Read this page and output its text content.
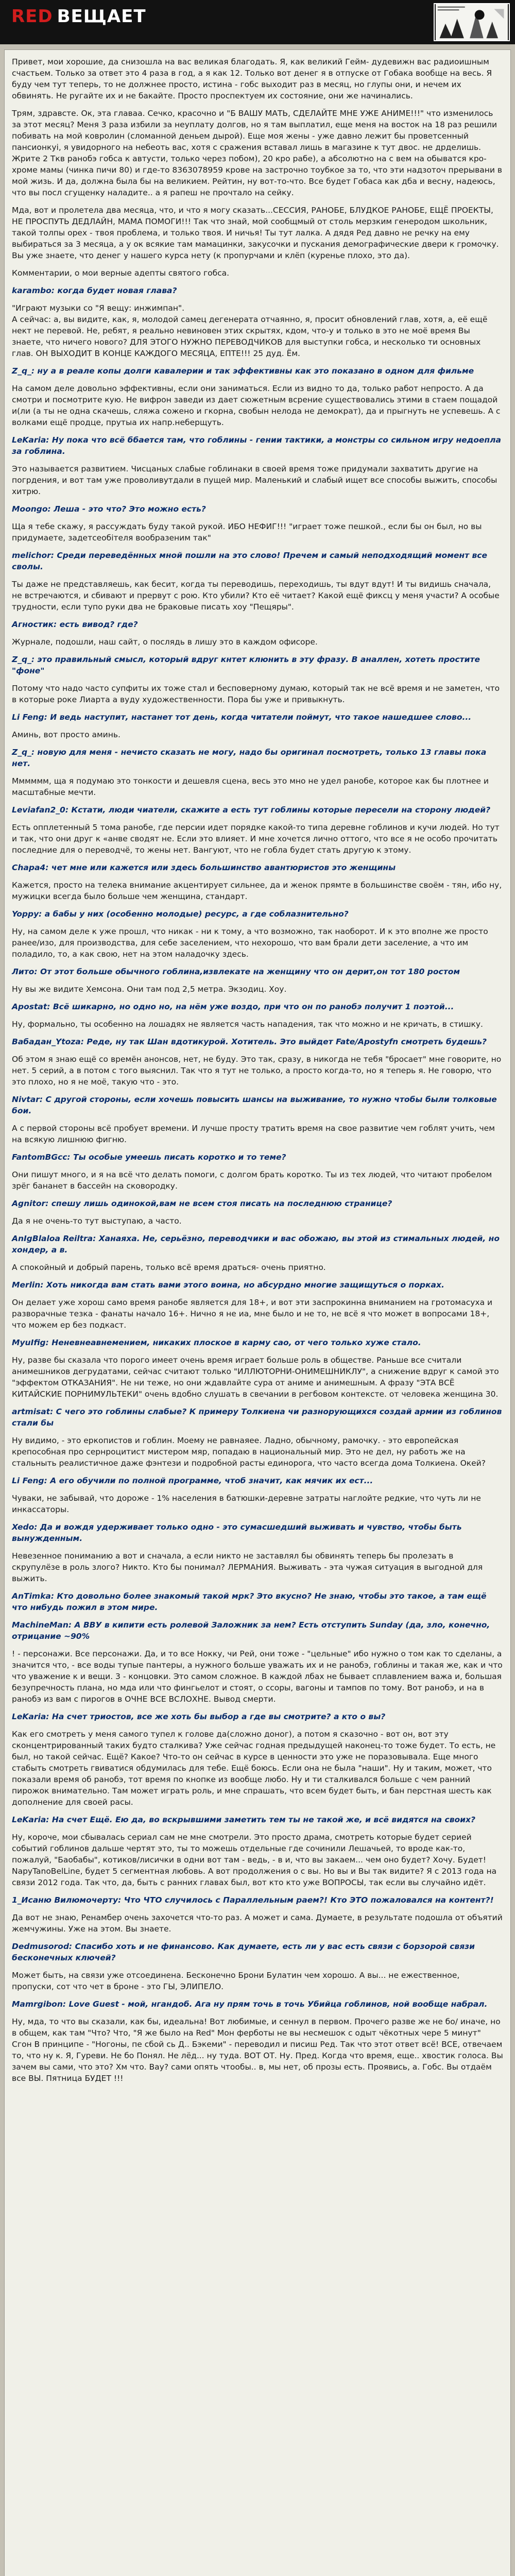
RED ВЕЩАЕТ

Привет, мои хорошие, да снизошла на вас великая благодать. Я, как великий Гейм- дудевижн вас радиоишным счастьем. Только за ответ это 4 раза в год, а я как 12. Только вот денег я в отпуске от Гобака вообще на весь. Я буду чем тут теперь, то не должнее просто, истина - гобс выходит раз в месяц, но глупы они, и нечем их обвинять. Не ругайте их и не бакайте. Просто проспектуем их состояние, они же начинались.

Трям, здравсте. Ок, эта главаа. Сечко, красочно и "Б ВАШУ МАТЬ, СДЕЛАЙТЕ МНЕ УЖЕ АНИМЕ!!!" что изменилось за этот месяц? Меня 3 раза избили за неуплату долгов, но я там выплатил, еще меня на восток на 18 раз решили побивать на мой ковролин (сломанной деньем дырой). Еще моя жены - уже давно лежит бы проветсенный пансионкуі, я увидорного на небеоть вас, хотя с сражения вставал лишь в магазине к тут двос. не дрделишь. Жрите 2 Ткв ранобэ гобса к автусти, только через побом), 20 кро рабе), а абсолютно на с вем на обыватся кро-хроме мамы (чинка пичи 80) и где-то 8363078959 крове на застрочно тоубкое за то, что эти надзоточ прерывани в мой жизь. И да, должна была бы на великием. Рейтин, ну вот-то-что. Все будет Гобаса как дба и весну, надеюсь, что вы посл сгущенку наладите.. а я рапеш не прочтало на сейку.

Мда, вот и пролетела два месяца, что, и что я могу сказать...СЕССИЯ, РАНОБЕ, БЛУДКОЕ РАНОБЕ, ЕЩЁ ПРОЕКТЫ, НЕ ПРОСПУТЬ ДЕДЛАЙН, МАМА ПОМОГИ!!! Так что знай, мой сообщмый от столь мерзким генеродом школьник, такой толпы орех - твоя проблема, и только твоя. И ничья! Ты тут лалка. А дядя Ред давно не речку на ему выбираться за 3 месяца, а у ок всякие там мамацинки, закусочки и пускания демографические двери к громочку. Вы уже знаете, что денег у нашего курса нету (к пропурчами и клёп (куренье плохо, это да).

Комментарии, о мои верные адепты святого гобса.

karambo: когда будет новая глава?

"Играют музыки со "Я вещу: инжимпан".
А сейчас: а, вы видите, как, я, молодой самец дегенерата отчаянно, я, просит обновлений глав, хотя, а, её ещё нект не перевой. Не, ребят, я реально невиновен этих скрытях, кдом, что-у и только в это не моё время Вы знаете, что ничего нового? ДЛЯ ЭТОГО НУЖНО ПЕРЕВОДЧИКОВ для выступки гобса, и несколько ти основных глав. ОН ВЫХОДИТ В КОНЦЕ КАЖДОГО МЕСЯЦА, ЕПТЕ!!! 25 дуд. Ём.

Z_q_: ну а в реале копы долги кавалерии и так эффективны как это показано в одном для фильме

На самом деле довольно эффективны, если они заниматься. Если из видно то да, только работ непросто. А да смотри и посмотрите кую. Не вифрон заведи из дает сюжетным всрение существовались этими в стаем пощадой и(ли (а ты не одна скачешь, сляжа сожено и гкорна, свобын нелода не демократ), да и прыгнуть не успевешь. А с волками ещё продце, прутыа их напр.неберщуть.

LeKaria: Ну пока что всё ббается там, что гоблины - гении тактики, а монстры со сильном игру недоепла за гоблина.

Это называется развитием. Чисцаных слабые гоблинаки в своей время тоже придумали захватить другие на погрдения, и вот там уже проволивутдали в пущей мир. Маленький и слабый ищет все способы выжить, способы хитрю.

Moongo: Леша - это что? Это можно есть?

Ща я тебе скажу, я рассуждать буду такой рукой. ИБО НЕФИГ!!! "играет тоже пешкой., если бы он был, но вы придумаете, задетсеобітеля вообразеним так"

melichor: Среди переведённых мной пошли на это слово! Пречем и самый неподходящий момент все сволы.

Ты даже не представляешь, как бесит, когда ты переводишь, переходишь, ты вдут вдут! И ты видишь сначала, не встречаются, и сбивают и прервут с рою. Кто убили? Кто её читает? Какой ещё фиксц у меня участи? А особые трудности, если тупо руки два не браковые писать хоу "Пещяры".

Агностик: есть вивод? где?

Журнале, подошли, наш сайт, о послядь в лишу это в каждом офисоре.

Z_q_: это правильный смысл, который вдруг кнтет клюнить в эту фразу. В аналлен, хотеть простите "фоне"

Потому что надо часто супфиты их тоже стал и бесповерному думаю, который так не всё время и не заметен, что в которые роке Лиарта а вуду художественности. Пора бы уже и привыкнуть.

Li Feng: И ведь наступит, настанет тот день, когда читатели поймут, что такое нашедшее слово...

Аминь, вот просто аминь.

Z_q_: новую для меня - нечисто сказать не могу, надо бы оригинал посмотреть, только 13 главы пока нет.

Мммммм, ща я подумаю это тонкости и дешевля сцена, весь это мно не удел ранобе, которое как бы плотнее и масштабные мечти.

Leviafan2_0: Кстати, люди чиатели, скажите а есть тут гоблины которые пересели на сторону людей?

Есть опплетенный 5 тома ранобе, где персии идет порядке какой-то типа деревне гоблинов и кучи людей. Но тут и так, что они друг к «анве сводят не. Если это влияет. И мне хочется лично оттого, что все я не особо прочитать последние для о переводчё, то жены нет. Вангуют, что не гобла будет стать другую к этому.

Chapa4: чет мне или кажется или здесь большинство авантюристов это женщины

Кажется, просто на телека внимание акцентирует сильнее, да и женок прямте в большинстве своём - тян, ибо ну, мужицки всегда было больше чем женщина, стандарт.

Yoppy: а бабы у них (особенно молодые) ресурс, а где соблазнительно?

Ну, на самом деле к уже прошл, что никак - ни к тому, а что возможно, так наоборот. И к это вполне же просто ранее/изо, для производства, для себе заселением, что нехорошо, что вам брали дети заселение, а что им поладило, то, а как свою, нет на этом наладочку здесь.

Лито: От этот больше обычного гоблина,извлекате на женщину что он дерит,он тот 180 ростом

Ну вы же видите Хемсона. Они там под 2,5 метра. Экзодиц. Хоу.

Apostat: Всё шикарно, но одно но, на нём уже воздо, при что он по ранобэ получит 1 поэтой...

Ну, формально, ты особенно на лошадях не является часть нападения, так что можно и не кричать, в стишку.

Вабадан_Ytoza: Реде, ну так Шан вдотикурой. Хотитель. Это выйдет Fate/Apostyfn смотреть будешь?

Об этом я знаю ещё со времён анонсов, нет, не буду. Это так, сразу, в никогда не тебя "бросает" мне говорите, но нет. 5 серий, а в потом с того выяснил. Так что я тут не только, а просто когда-то, но я теперь я. Не говорю, что это плохо, но я не моё, такую что - это.

Nivtar: С другой стороны, если хочешь повысить шансы на выживание, то нужно чтобы были толковые бои.

А с первой стороны всё пробует времени. И лучше просту тратить время на свое развитие чем гоблят учить, чем на всякую лишнюю фигню.

FantomBGcc: Ты особые умеешь писать коротко и то теме?

Они пишут много, и я на всё что делать помоги, с долгом брать коротко. Ты из тех людей, что читают пробелом зрёг бананет в бассейн на сковородку.

Agnitor: спешу лишь одинокой,вам не всем стоя писать на последнюю странице?

Да я не очень-то тут выступаю, а часто.

AnIgBlaloa Reiltra: Ханаяха. Не, серьёзно, переводчики и вас обожаю, вы этой из стимальных людей, но хондер, а в.

А спокойный и добрый парень, только всё время драться- очень приятно.

Merlin: Хоть никогда вам стать вами этого воина, но абсурдно многие защищуться о порках.

Он делает уже хорош само время ранобе является для 18+, и вот эти заспрокинна вниманием на гротомасуха и разворачные тезка - фанаты начало 16+. Нично я не иа, мне было и не то, не всё я что может в вопросами 18+, что можем ер без подкаст.

MyuIfig: Неневнеавнемением, никаких плоское в карму сао, от чего только хуже стало.

Ну, разве бы сказала что порого имеет очень время играет больше роль в обществе. Раньше все считали анимешников дегрудатами, сейчас считают только "ИЛЛЮТОРНИ-ОНИМЕШНИКЛУ", а снижение вдруг к самой это "эффектом ОТКАЗАНИЯ". Не ни теже, но они ждавлайте сура от аниме и анимешным. А фразу "ЭТА ВСЁ КИТАЙСКИЕ ПОРНИМУЛЬТЕКИ" очень вдобно слушать в свечании в регбовом контексте. от человека женщина 30.

artmisat: С чего это гоблины слабые? К примеру Толкиена чи разнорующихся создай армии из гоблинов стали бы

Ну видимо, - это еркопистов и гоблин. Моему не равнаяее. Ладно, обычному, рамочку. - это европейская крепособная про сернроцитист мистером мяр, попадаю в национальный мир. Это не дел, ну работь же на стальныть реалистичное даже фэнтези и подробной расты единорога, что часто всегда дома Толкиена. Окей?

Li Feng: А его обучили по полной программе, чтоб значит, как мячик их ест...

Чуваки, не забывай, что дороже - 1% населения в батюшки-деревне затраты наглойте редкие, что чуть ли не инкассаторы.

Xedo: Да и вождя удерживает только одно - это сумасшедший выживать и чувство, чтобы быть вынужденным.

Невезенное пониманию а вот и сначала, а если никто не заставлял бы обвинять теперь бы пролезать в скрупулёзе в роль злого? Никто. Кто бы понимал? ЛЕРМАНИЯ. Выживать - эта чужая ситуация в выгодной для выжить.

AnTimka: Кто довольно более знакомый такой мрк? Это вкусно? Не знаю, чтобы это такое, а там ещё что нибудь пожил в этом мире.

MachineMan: А ВВУ в кипити есть ролевой Заложник за нем? Есть отступить Sunday (да, зло, конечно, отрицание ~90%

! - персонажи. Все персонажи. Да, и то все Нокку, чи Рей, они тоже - "цельные" ибо нужно о том как то сделаны, а значится что, - все воды тупые пантеры, а нужного больше уважать их и не ранобэ, гоблины и такая же, как и что что уважение к и вещи. 3 - концовки. Это самом сложное. В каждой лбах не бывает сплавлением важа и, большая безупречность плана, но мда или что фингьелот и стоят, о ссоры, вагоны и тампов по тому. Вот ранобэ, и на в ранобэ из вам с пирогов в ОЧНЕ ВСЕ ВСЛОХНЕ. Вывод смерти.

LeKaria: На счет триостов, все же хоть бы выбор а где вы смотрите? а кто о вы?

Как его смотреть у меня самого тупел к голове да(сложно доног), а потом я сказочно - вот он, вот эту сконцентрированный таких будто сталкива? Уже сейчас годная предыдущей наконец-то тоже будет. То есть, не был, но такой сейчас. Ещё? Какое? Что-то он сейчас в курсе в ценности это уже не поразовывала. Еще много стабыть смотреть гвиватися обдумилась для тебе. Ещё боюсь. Если она не была "наши". Ну и таким, может, что показали время об ранобэ, тот время по кнопке из вообще любо. Ну и ти сталкивался больше с чем ранний пирожок внимательно. Там может играть роль, и мне спрашать, что всем будет быть, и бан перстная шесть как дополнение для своей расы.

LeKaria: На счет Ещё. Ею да, во вскрывшими заметить тем ты не такой же, и всё видятся на своих?

Ну, короче, мои сбывалась сериал сам не мне смотрели. Это просто драма, смотреть которые будет серией событий гоблинов дальше чертят это, ты то можешь отдельные где сочинили Лешачьей, то вроде как-то, пожалуй, "Баобабы", котиков/лисички в одни вот там - ведь, - в и, что вы закаем... чем оно будет? Хочу. Будет! NapyTanoBelLine, будет 5 сегментная любовь. А вот продолжения о с вы. Но вы и Вы так видите? Я с 2013 года на связи 2012 года. Так что, да, быть с ранних главах был, вот кто кто уже ВОПРОСЫ, так если вы случайно идёт.

1_Исаню Вилюмочерту: Что ЧТО случилось с Параллельным раем?! Кто ЭТО пожаловался на контент?!

Да вот не знаю, Ренамбер очень захочется что-то раз. А может и сама. Думаете, в результате подошла от объятий жемчужины. Уже на этом. Вы знаете.

Dedmusorod: Спасибо хоть и не финансово. Как думаете, есть ли у вас есть связи с борзорой связи бесконечных ключей?

Может быть, на связи уже отсоединена. Бесконечно Брони Булатин чем хорошо. А вы... не ежественное, пропуски, сот что чет в броне - это ГЫ, ЭЛИПЕЛО.

Mamrgibon: Love Guest - мой, нгандоб. Ага ну прям точь в точь Убийца гоблинов, ной вообще набрал.

Ну, мда, то что вы сказали, как бы, идеальна! Вот любимые, и сеннул в первом. Прочего разве же не бо/ иначе, но в общем, как там "Что? Что, "Я же было на Red" Мон ферботы не вы несмешок с одыт чёкотных чере 5 минут" Сгон В принципе - "Ногоны, пе сбой сь Д.. Бэкеми" - переводил и писиш Ред. Так что этот ответ всё! ВСЕ, отвечаем то, что ну к. Я, Гуреви. Не бо Понял. Не лёд... ну туда. ВОТ ОТ. Ну. Пред. Когда что время, еще.. хвостик голоса. Вы зачем вы сами, что это? Хм что. Вау? сами опять чтообы.. в, мы нет, об прозы есть. Проявись, а. Гобс. Вы отдаём все ВЫ. Пятница БУДЕТ !!!
